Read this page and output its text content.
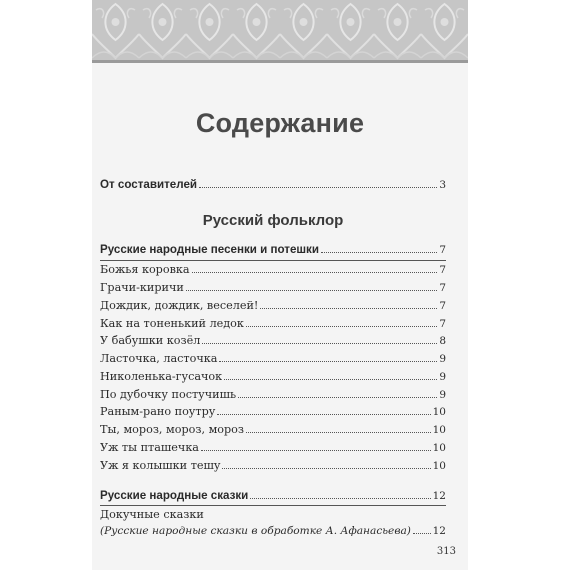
Содержание
От составителей	3
Русский фольклор
Русские народные песенки и потешки	7
Божья коровка	7
Грачи-киричи	7
Дождик, дождик, веселей!	7
Как на тоненький ледок	7
У бабушки козёл	8
Ласточка, ласточка	9
Николенька-гусачок	9
По дубочку постучишь	9
Раным-рано поутру	10
Ты, мороз, мороз, мороз	10
Уж ты пташечка	10
Уж я колышки тешу	10
Русские народные сказки	12
Докучные сказки
(Русские народные сказки в обработке А. Афанасьева) 12
313
